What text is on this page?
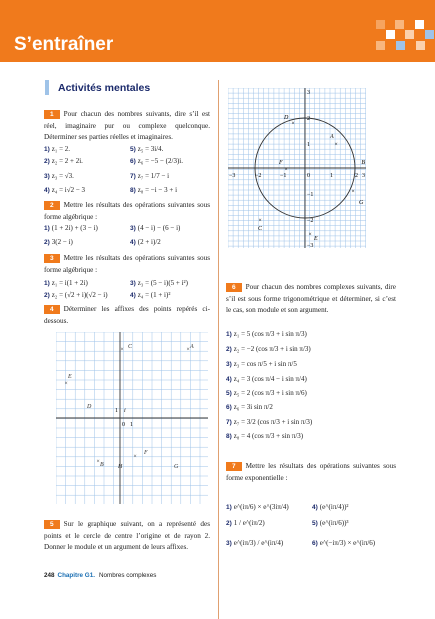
S’entraîner
Activités mentales
1 Pour chacun des nombres suivants, dire s’il est réel, imaginaire pur ou complexe quelconque. Déterminer ses parties réelles et imaginaires.
1) z₁ = 2.	5) z₅ = 3i/4.
2) z₂ = 2 + 2i.	6) z₆ = −5 − (2/3)i.
3) z₃ = √3.	7) z₇ = 1/7 − i
4) z₄ = i√2 − 3	8) z₈ = −i − 3 + i
2 Mettre les résultats des opérations suivantes sous forme algébrique :
1) (1 + 2i) + (3 − i)	3) (4 − i) − (6 − i)
2) 3(2 − i)	4) (2 + i)/2
3 Mettre les résultats des opérations suivantes sous forme algébrique :
1) z₁ = i(1 + 2i)	3) z₃ = (5 − i)(5 + i²)
2) z₂ = (√2 + i)(√2 − i)	4) z₄ = (1 + i)²
4 Déterminer les affixes des points repérés ci-dessous.
0 1
1 i
A
×
B
×
C
×
D
E
×
F
×
G
H
5 Sur le graphique suivant, on a représenté des points et le cercle de centre l’origine et de rayon 2. Donner le module et un argument de leurs affixes.
−3	−2	−1	0	1	2 3
3
2
1
−1
−2
−3
A
×
B
C
×
D
×
E
×
F
×
G
×
6 Pour chacun des nombres complexes suivants, dire s’il est sous forme trigonométrique et déterminer, si c’est le cas, son module et son argument.
1) z₁ = 5 (cos π/3 + i sin π/3)
2) z₂ = −2 (cos π/3 + i sin π/3)
3) z₃ = cos π/5 + i sin π/5
4) z₄ = 3 (cos π/4 − i sin π/4)
5) z₅ = 2 (cos π/3 + i sin π/6)
6) z₆ = 3i sin π/2
7) z₇ = 3/2 (cos π/3 + i sin π/3)
8) z₈ = 4 (cos π/3 + sin π/3)
7 Mettre les résultats des opérations suivantes sous forme exponentielle :
1) e^(iπ/6) × e^(3iπ/4)	4) (e^(iπ/4))²
2) 1 / e^(iπ/2)	5) (e^(iπ/6))³
3) e^(iπ/3) / e^(iπ/4)	6) e^(−iπ/3) × e^(iπ/6)
248 Chapitre G1. Nombres complexes
